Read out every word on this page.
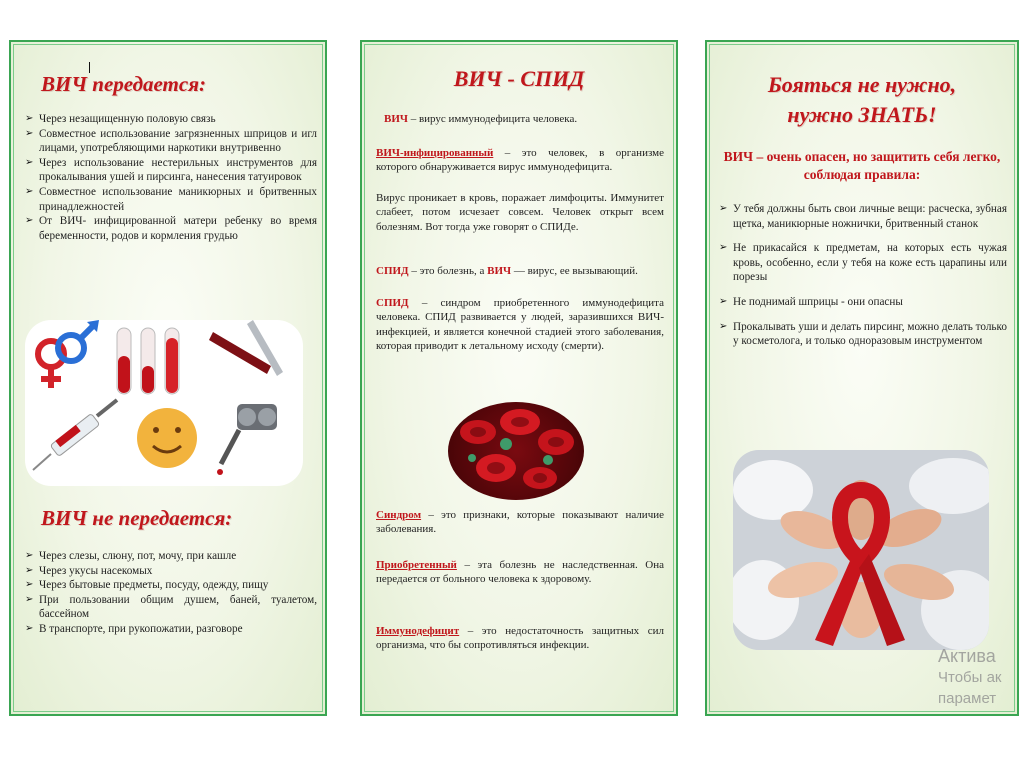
ВИЧ передается:
➢ Через незащищенную половую связь
➢ Совместное использование загрязненных шприцов и игл лицами, употребляющими наркотики внутривенно
➢ Через использование нестерильных инструментов для прокалывания ушей и пирсинга, нанесения татуировок
➢ Совместное использование маникюрных и бритвенных принадлежностей
➢ От ВИЧ- инфицированной матери ребенку во время беременности, родов и кормления грудью
ВИЧ не передается:
➢ Через слезы, слюну, пот, мочу, при кашле
➢ Через укусы насекомых
➢ Через бытовые предметы, посуду, одежду, пищу
➢ При пользовании общим душем, баней, туалетом, бассейном
➢ В транспорте, при рукопожатии, разговоре
ВИЧ - СПИД
ВИЧ – вирус иммунодефицита человека.
ВИЧ-инфицированный – это человек, в организме которого обнаруживается вирус иммунодефицита.
Вирус проникает в кровь, поражает лимфоциты. Иммунитет слабеет, потом исчезает совсем. Человек открыт всем болезням. Вот тогда уже говорят о СПИДе.
СПИД – это болезнь, а ВИЧ — вирус, ее вызывающий.
СПИД – синдром приобретенного иммунодефицита человека. СПИД развивается у людей, заразившихся ВИЧ-инфекцией, и является конечной стадией этого заболевания, которая приводит к летальному исходу (смерти).
Синдром – это признаки, которые показывают наличие заболевания.
Приобретенный – эта болезнь не наследственная. Она передается от больного человека к здоровому.
Иммунодефицит – это недостаточность защитных сил организма, что бы сопротивляться инфекции.
Бояться не нужно,
нужно ЗНАТЬ!
ВИЧ – очень опасен, но защитить себя легко, соблюдая правила:
➢ У тебя должны быть свои личные вещи: расческа, зубная щетка, маникюрные ножнички, бритвенный станок
➢ Не прикасайся к предметам, на которых есть чужая кровь, особенно, если у тебя на коже есть царапины или порезы
➢ Не поднимай шприцы - они опасны
➢ Прокалывать уши и делать пирсинг, можно делать только у косметолога, и только одноразовым инструментом
Актива
Чтобы ак
парамет
